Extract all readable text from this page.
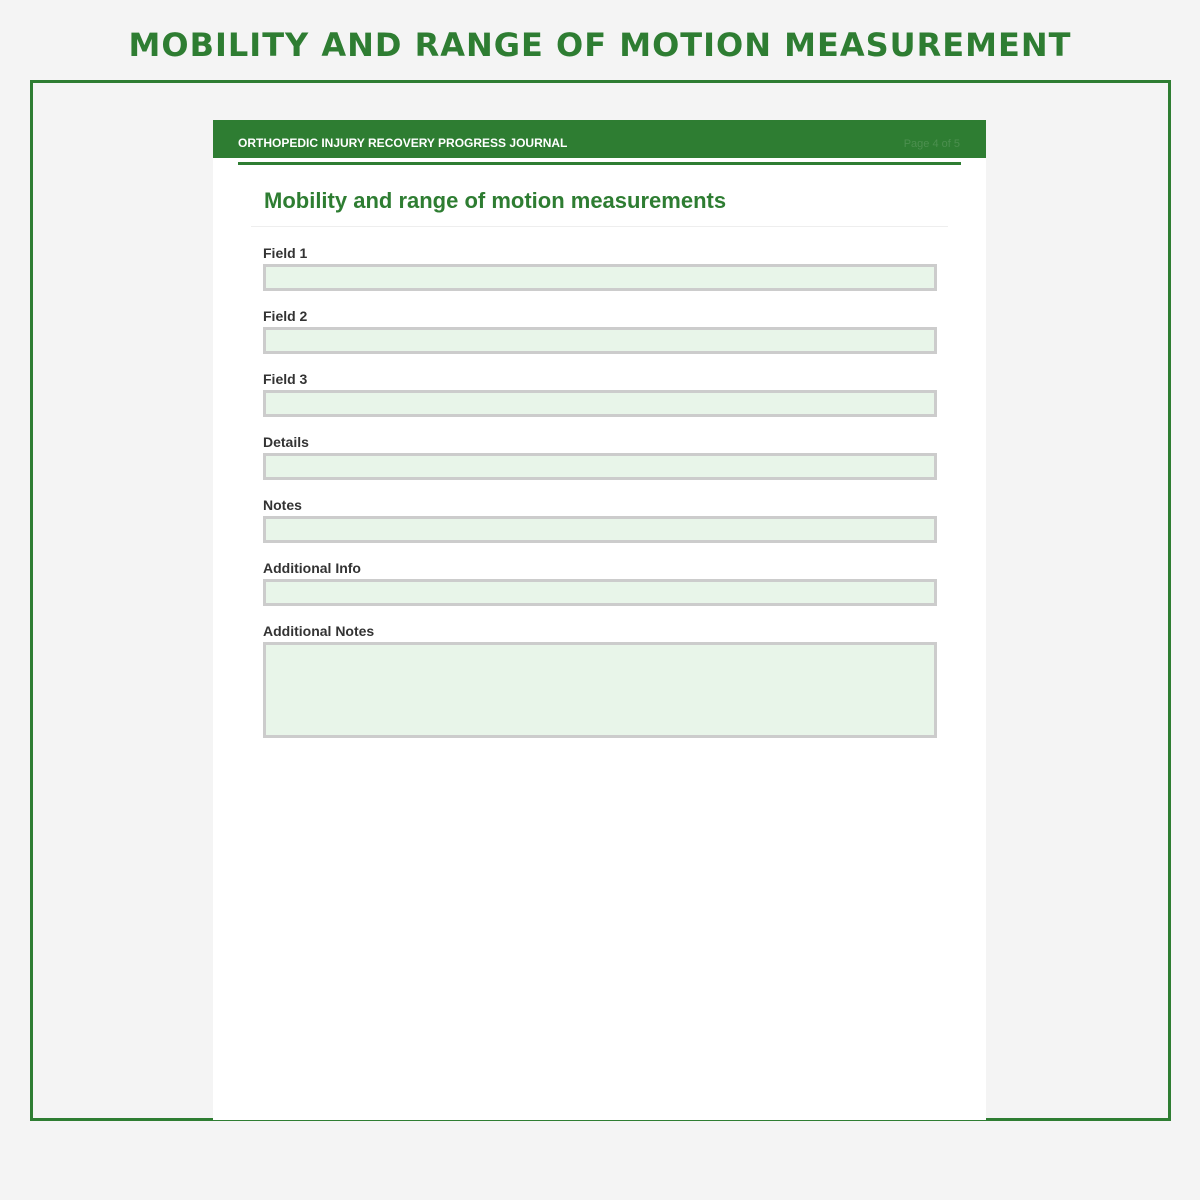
MOBILITY AND RANGE OF MOTION MEASUREMENT
ORTHOPEDIC INJURY RECOVERY PROGRESS JOURNAL	Page 4 of 5
Mobility and range of motion measurements
Field 1
Field 2
Field 3
Details
Notes
Additional Info
Additional Notes
